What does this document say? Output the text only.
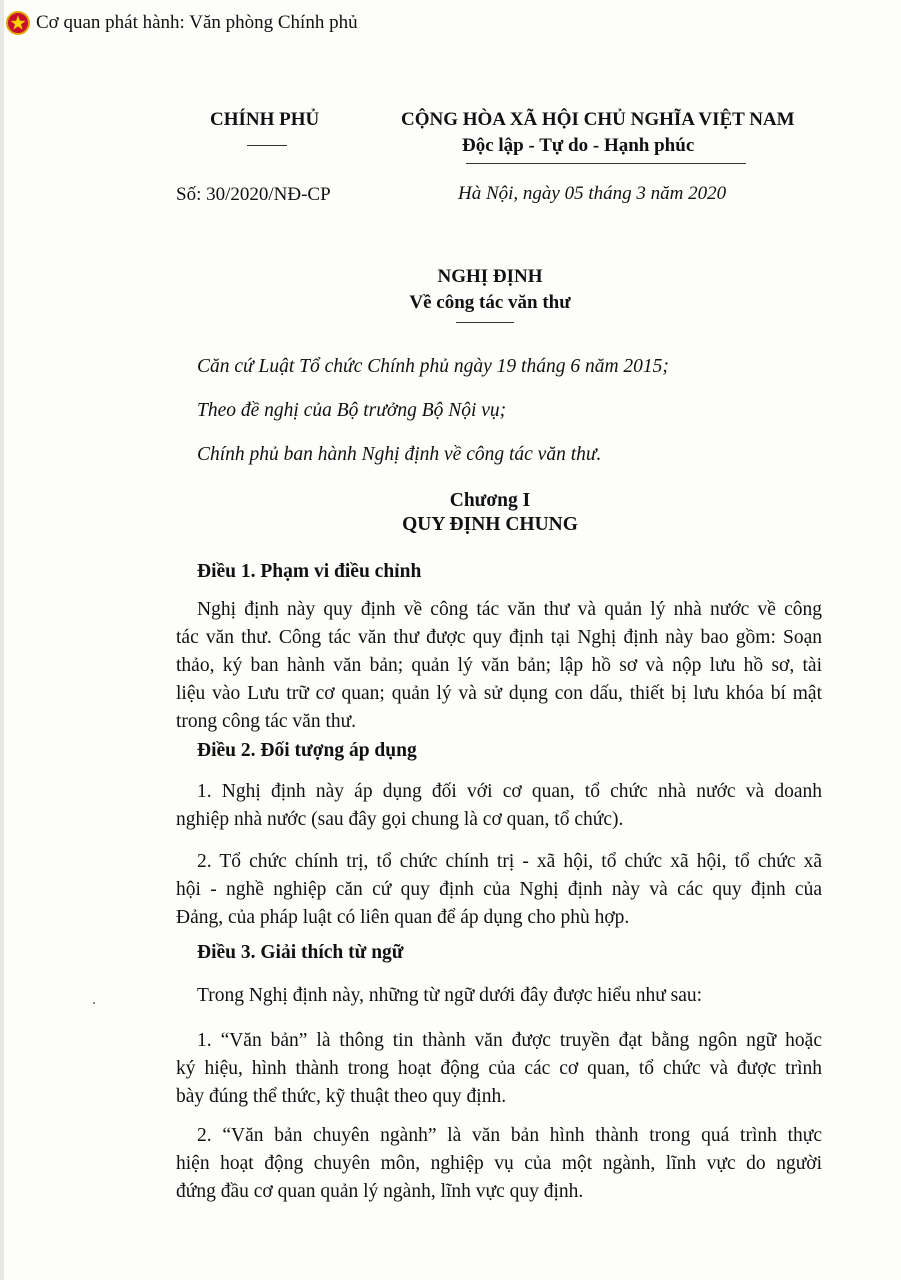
Cơ quan phát hành: Văn phòng Chính phủ
CHÍNH PHỦ
Số: 30/2020/NĐ-CP
CỘNG HÒA XÃ HỘI CHỦ NGHĨA VIỆT NAM
Độc lập - Tự do - Hạnh phúc
Hà Nội, ngày 05 tháng 3 năm 2020
NGHỊ ĐỊNH
Về công tác văn thư
Căn cứ Luật Tổ chức Chính phủ ngày 19 tháng 6 năm 2015;
Theo đề nghị của Bộ trưởng Bộ Nội vụ;
Chính phủ ban hành Nghị định về công tác văn thư.
Chương I
QUY ĐỊNH CHUNG
Điều 1. Phạm vi điều chỉnh
Nghị định này quy định về công tác văn thư và quản lý nhà nước về công
tác văn thư. Công tác văn thư được quy định tại Nghị định này bao gồm: Soạn
thảo, ký ban hành văn bản; quản lý văn bản; lập hồ sơ và nộp lưu hồ sơ, tài
liệu vào Lưu trữ cơ quan; quản lý và sử dụng con dấu, thiết bị lưu khóa bí mật
trong công tác văn thư.
Điều 2. Đối tượng áp dụng
1. Nghị định này áp dụng đối với cơ quan, tổ chức nhà nước và doanh
nghiệp nhà nước (sau đây gọi chung là cơ quan, tổ chức).
2. Tổ chức chính trị, tổ chức chính trị - xã hội, tổ chức xã hội, tổ chức xã
hội - nghề nghiệp căn cứ quy định của Nghị định này và các quy định của
Đảng, của pháp luật có liên quan để áp dụng cho phù hợp.
Điều 3. Giải thích từ ngữ
Trong Nghị định này, những từ ngữ dưới đây được hiểu như sau:
1. “Văn bản” là thông tin thành văn được truyền đạt bằng ngôn ngữ hoặc
ký hiệu, hình thành trong hoạt động của các cơ quan, tổ chức và được trình
bày đúng thể thức, kỹ thuật theo quy định.
2. “Văn bản chuyên ngành” là văn bản hình thành trong quá trình thực
hiện hoạt động chuyên môn, nghiệp vụ của một ngành, lĩnh vực do người
đứng đầu cơ quan quản lý ngành, lĩnh vực quy định.
